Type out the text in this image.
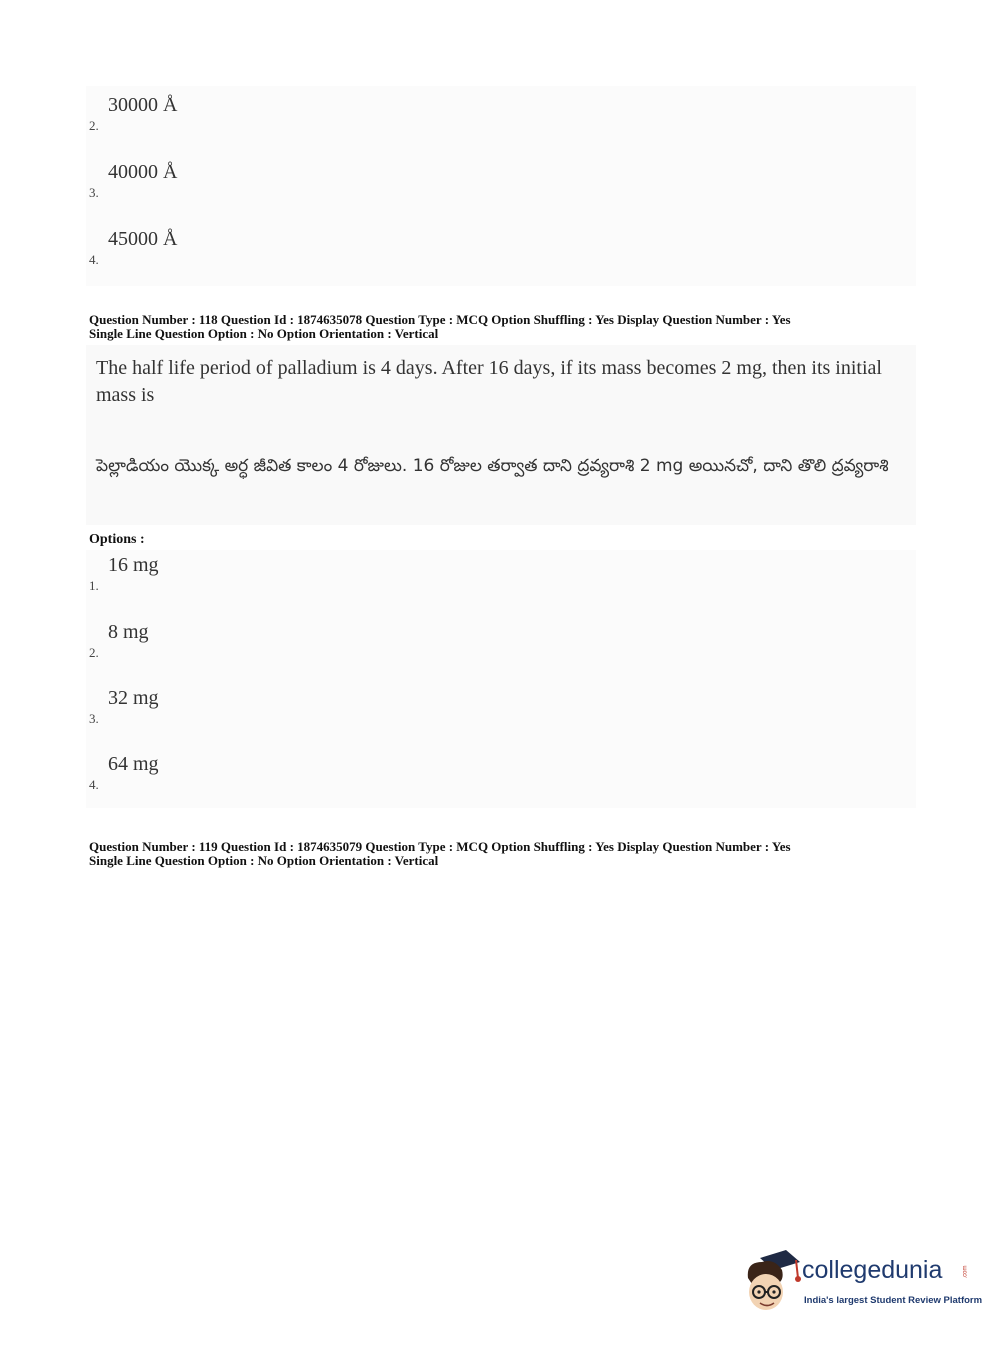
2.
30000 Å
3.
40000 Å
4.
45000 Å
Question Number : 118 Question Id : 1874635078 Question Type : MCQ Option Shuffling : Yes Display Question Number : Yes
Single Line Question Option : No Option Orientation : Vertical
The half life period of palladium is 4 days. After 16 days, if its mass becomes 2 mg, then its initial mass is
పెల్లాడియం యొక్క అర్ధ జీవిత కాలం 4 రోజులు. 16 రోజుల తర్వాత దాని ద్రవ్యరాశి 2 mg అయినచో, దాని తొలి ద్రవ్యరాశి
Options :
1.
16 mg
2.
8 mg
3.
32 mg
4.
64 mg
Question Number : 119 Question Id : 1874635079 Question Type : MCQ Option Shuffling : Yes Display Question Number : Yes
Single Line Question Option : No Option Orientation : Vertical
collegedunia	.com
India's largest Student Review Platform
